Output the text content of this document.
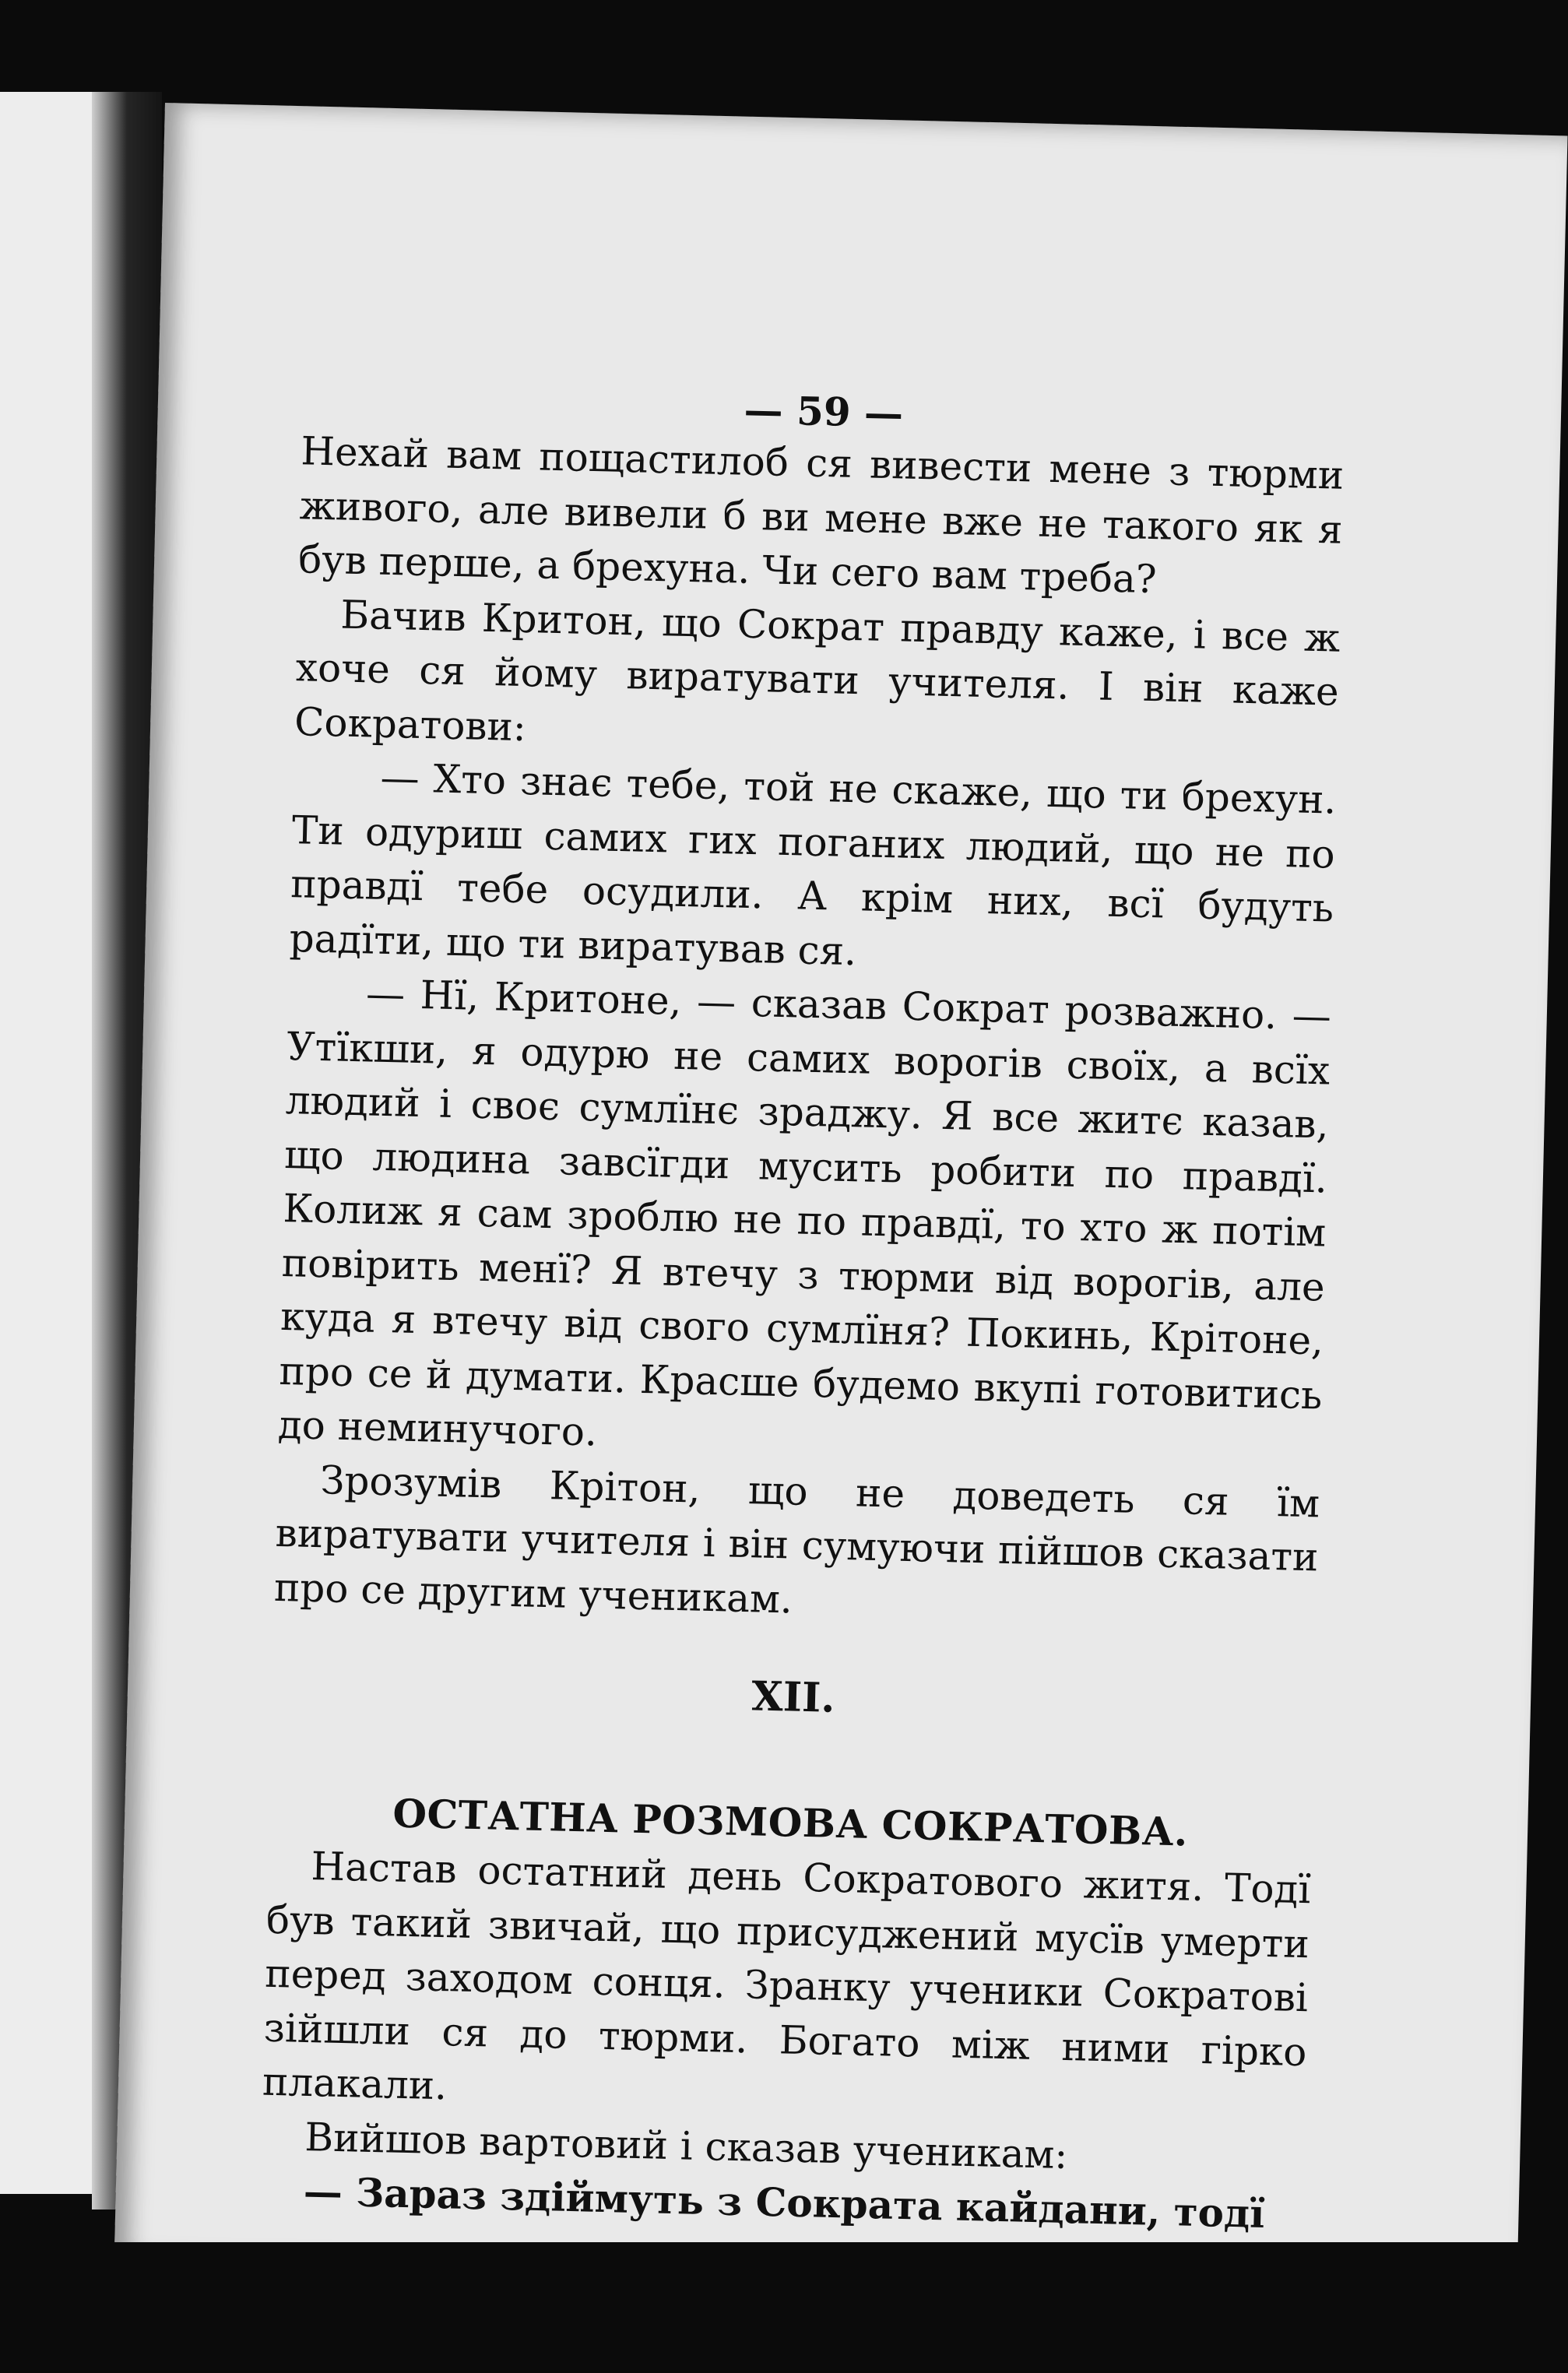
— 59 —

Нехай вам пощастилоб ся вивести мене з тюрми живого, але вивели б ви мене вже не такого як я був перше, а брехуна. Чи сего вам треба?

Бачив Критон, що Сократ правду каже, і все ж хоче ся йому виратувати учителя. І він каже Сократови:

— Хто знає тебе, той не скаже, що ти брехун. Ти одуриш самих гих поганих людий, що не по правдї тебе осудили. А крім них, всї будуть радїти, що ти виратував ся.

— Нї, Критоне, — сказав Сократ розважно. — Утїкши, я одурю не самих ворогів своїх, а всїх людий і своє сумлїнє зраджу. Я все житє казав, що людина завсїгди мусить робити по правдї. Колиж я сам зроблю не по правдї, то хто ж потім повірить менї? Я втечу з тюрми від ворогів, але куда я втечу від свого сумлїня? Покинь, Крітоне, про се й думати. Красше будемо вкупі готовитись до неминучого.

Зрозумів Крітон, що не доведеть ся їм виратувати учителя і він сумуючи пійшов сказати про се другим ученикам.

XII.
ОСТАТНА РОЗМОВА СОКРАТОВА.

Настав остатний день Сократового житя. Тодї був такий звичай, що присуджений мусїв умерти перед заходом сонця. Зранку ученики Сократові зійшли ся до тюрми. Богато між ними гірко плакали.

Вийшов вартовий і сказав ученикам:

— Зараз здіймуть з Сократа кайдани, тодї
